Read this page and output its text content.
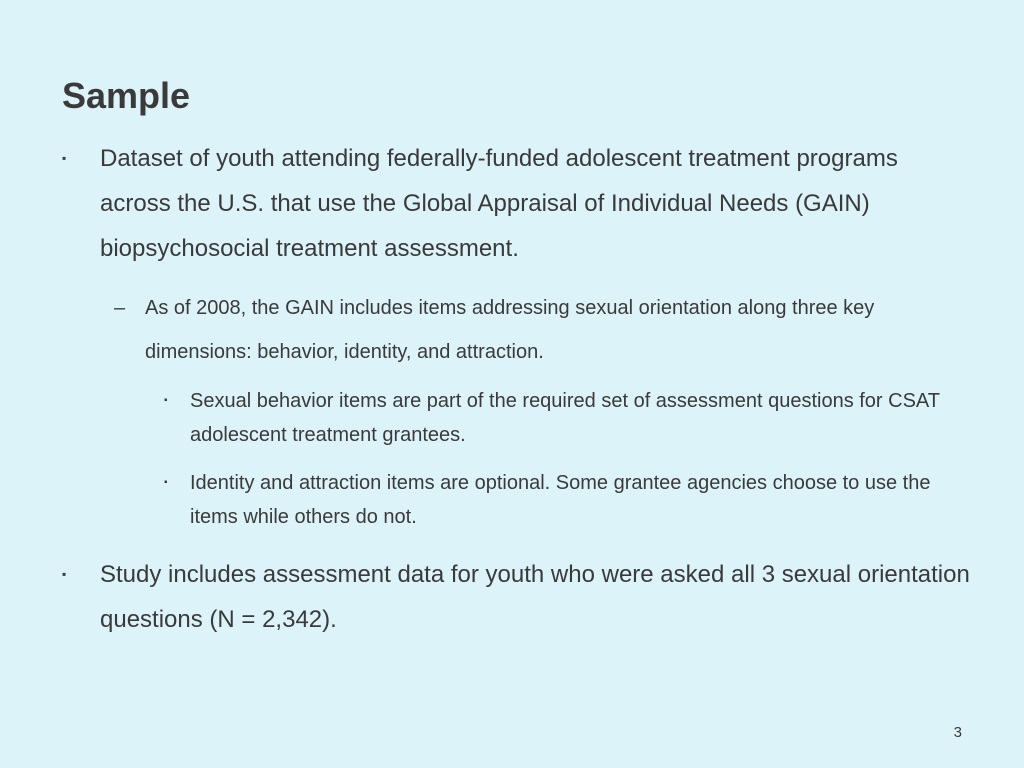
Sample
▪ Dataset of youth attending federally-funded adolescent treatment programs across the U.S. that use the Global Appraisal of Individual Needs (GAIN) biopsychosocial treatment assessment.
– As of 2008, the GAIN includes items addressing sexual orientation along three key dimensions: behavior, identity, and attraction.
▪ Sexual behavior items are part of the required set of assessment questions for CSAT adolescent treatment grantees.
▪ Identity and attraction items are optional. Some grantee agencies choose to use the items while others do not.
▪ Study includes assessment data for youth who were asked all 3 sexual orientation questions (N = 2,342).
3
